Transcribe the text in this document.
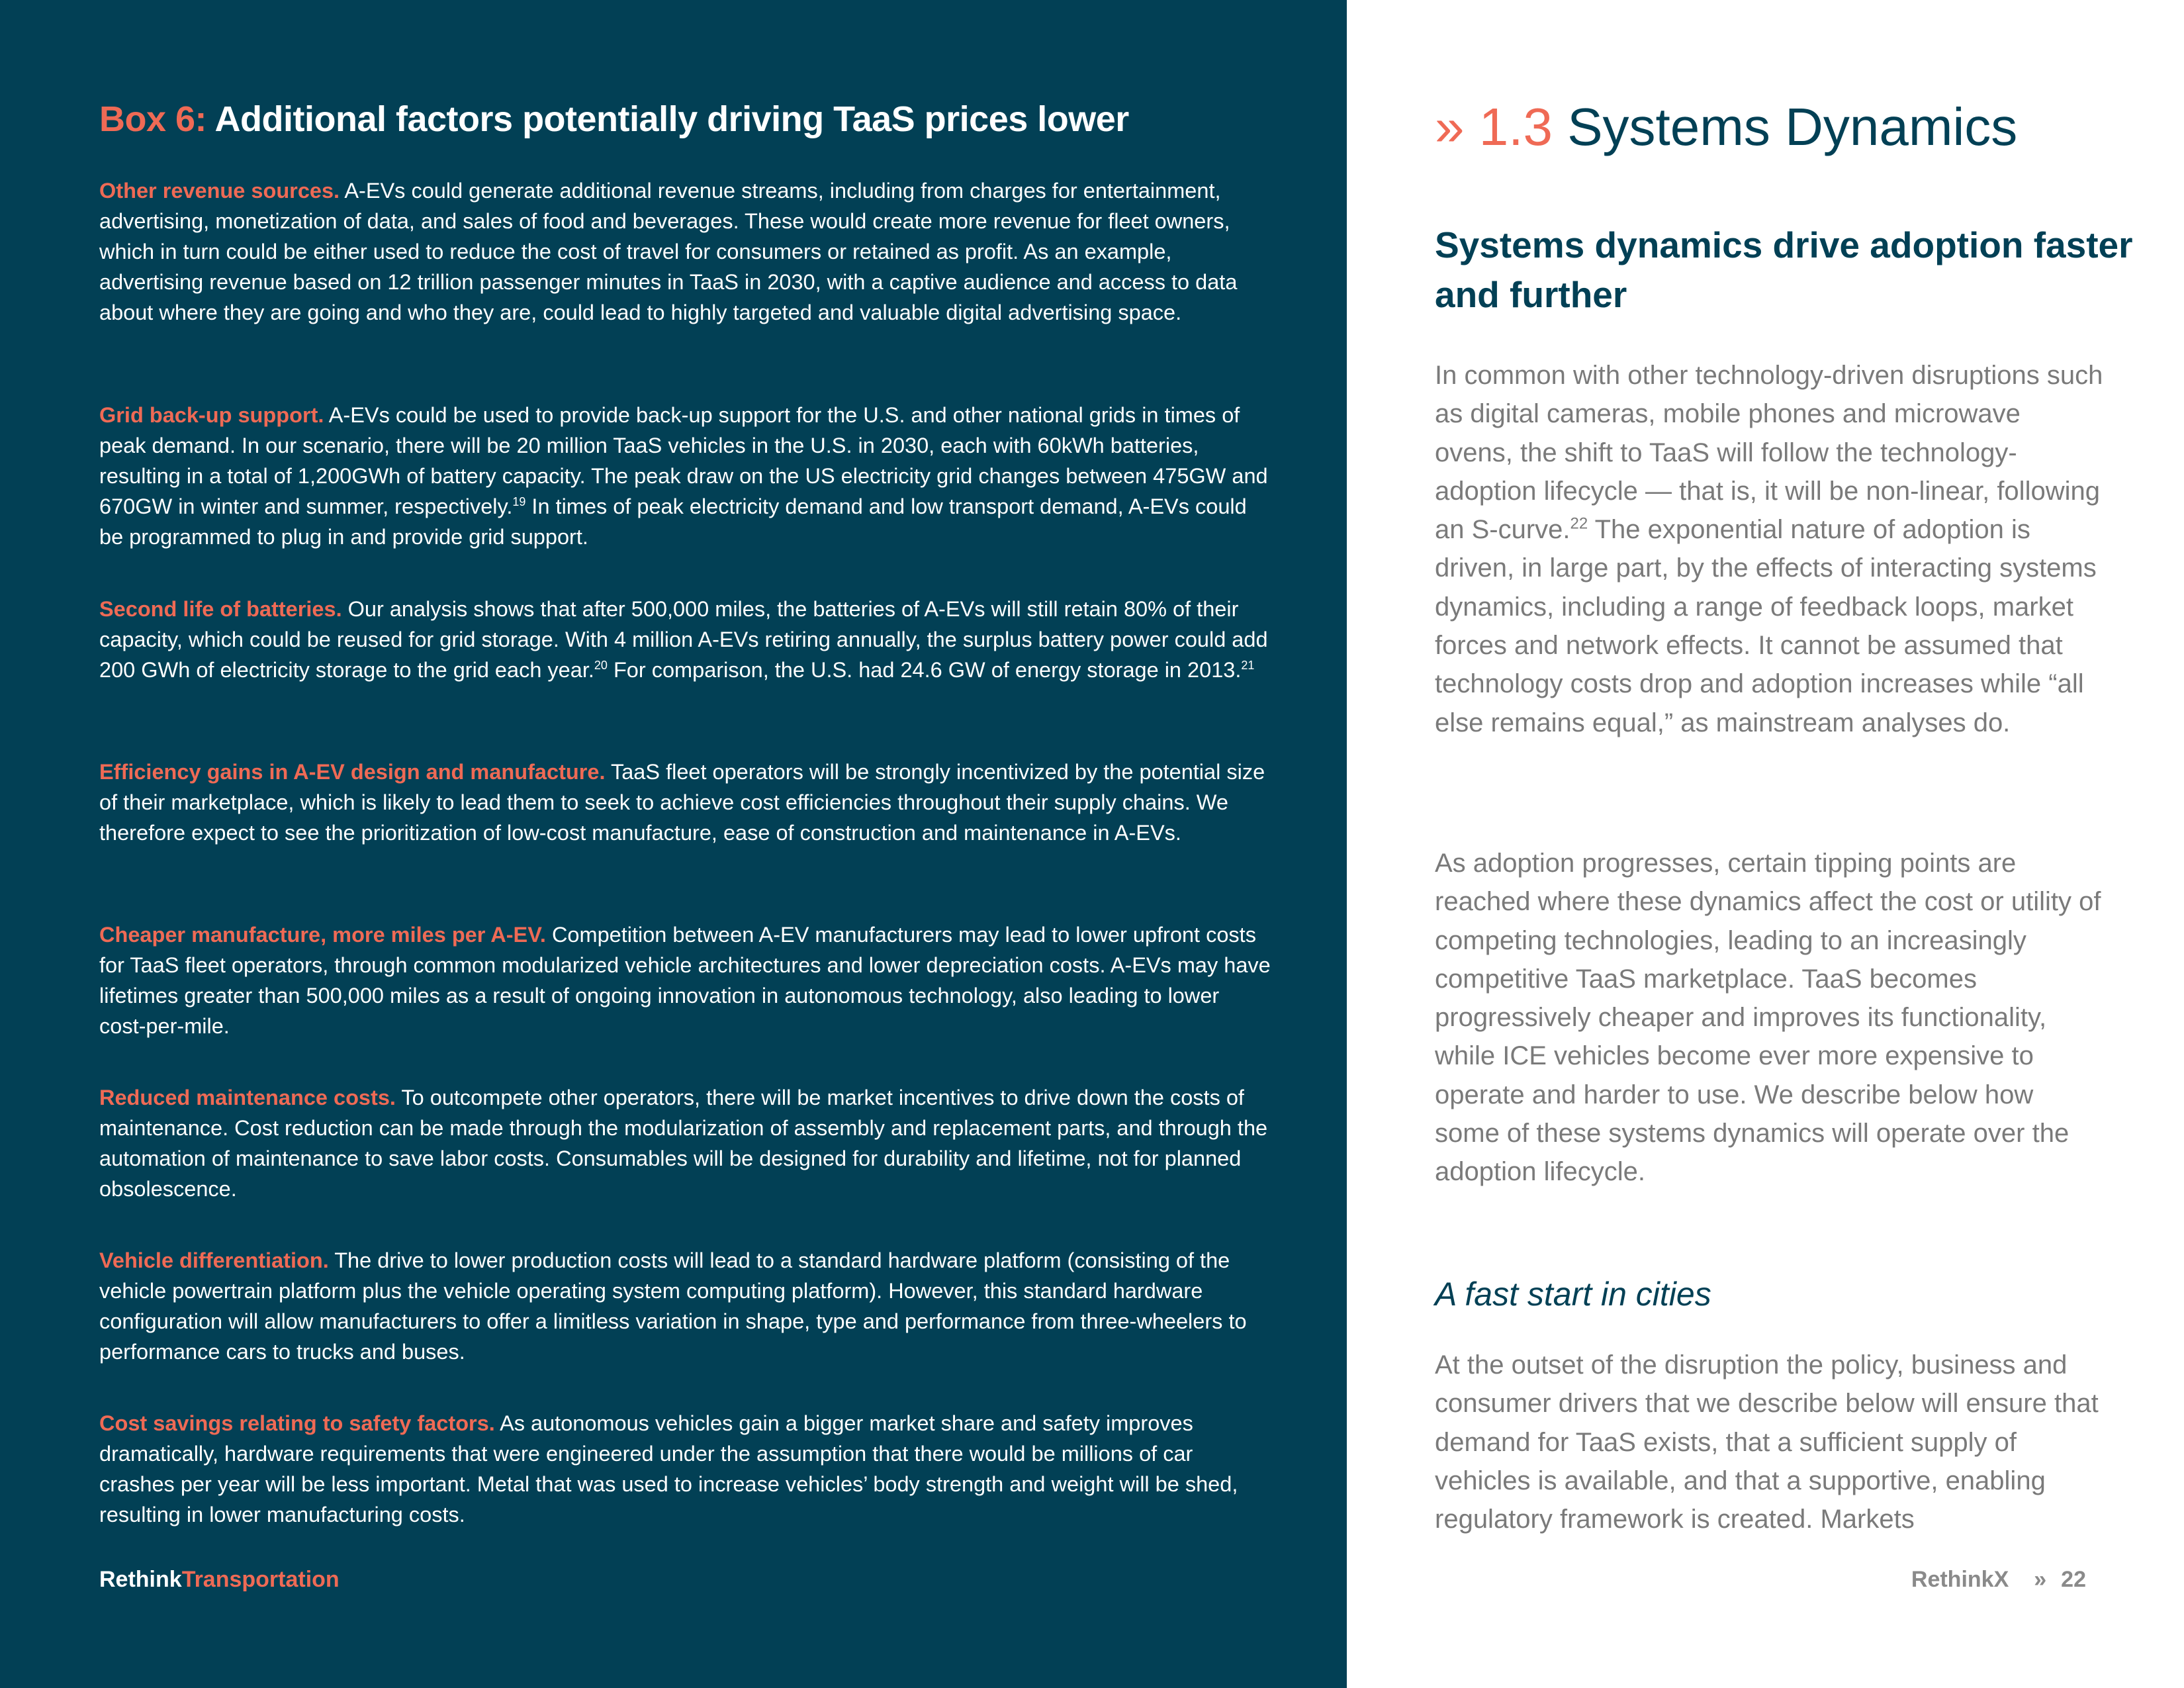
Box 6: Additional factors potentially driving TaaS prices lower

Other revenue sources. A-EVs could generate additional revenue streams, including from charges for entertainment, advertising, monetization of data, and sales of food and beverages. These would create more revenue for fleet owners, which in turn could be either used to reduce the cost of travel for consumers or retained as profit. As an example, advertising revenue based on 12 trillion passenger minutes in TaaS in 2030, with a captive audience and access to data about where they are going and who they are, could lead to highly targeted and valuable digital advertising space.

Grid back-up support. A-EVs could be used to provide back-up support for the U.S. and other national grids in times of peak demand. In our scenario, there will be 20 million TaaS vehicles in the U.S. in 2030, each with 60kWh batteries, resulting in a total of 1,200GWh of battery capacity. The peak draw on the US electricity grid changes between 475GW and 670GW in winter and summer, respectively.$^{19}$ In times of peak electricity demand and low transport demand, A-EVs could be programmed to plug in and provide grid support.

Second life of batteries. Our analysis shows that after 500,000 miles, the batteries of A-EVs will still retain 80% of their capacity, which could be reused for grid storage. With 4 million A-EVs retiring annually, the surplus battery power could add 200 GWh of electricity storage to the grid each year.$^{20}$ For comparison, the U.S. had 24.6 GW of energy storage in 2013.21

Efficiency gains in A-EV design and manufacture. TaaS fleet operators will be strongly incentivized by the potential size of their marketplace, which is likely to lead them to seek to achieve cost efficiencies throughout their supply chains. We therefore expect to see the prioritization of low-cost manufacture, ease of construction and maintenance in A-EVs.

Cheaper manufacture, more miles per A-EV. Competition between A-EV manufacturers may lead to lower upfront costs for TaaS fleet operators, through common modularized vehicle architectures and lower depreciation costs. A-EVs may have lifetimes greater than 500,000 miles as a result of ongoing innovation in autonomous technology, also leading to lower cost-per-mile.

Reduced maintenance costs. To outcompete other operators, there will be market incentives to drive down the costs of maintenance. Cost reduction can be made through the modularization of assembly and replacement parts, and through the automation of maintenance to save labor costs. Consumables will be designed for durability and lifetime, not for planned obsolescence.

Vehicle differentiation. The drive to lower production costs will lead to a standard hardware platform (consisting of the vehicle powertrain platform plus the vehicle operating system computing platform). However, this standard hardware configuration will allow manufacturers to offer a limitless variation in shape, type and performance from three-wheelers to performance cars to trucks and buses.

Cost savings relating to safety factors. As autonomous vehicles gain a bigger market share and safety improves dramatically, hardware requirements that were engineered under the assumption that there would be millions of car crashes per year will be less important. Metal that was used to increase vehicles’ body strength and weight will be shed, resulting in lower manufacturing costs.

RethinkTransportation
» 1.3 Systems Dynamics
Systems dynamics drive adoption faster and further

In common with other technology-driven disruptions such as digital cameras, mobile phones and microwave ovens, the shift to TaaS will follow the technology-adoption lifecycle — that is, it will be non-linear, following an S-curve.$^{22}$ The exponential nature of adoption is driven, in large part, by the effects of interacting systems dynamics, including a range of feedback loops, market forces and network effects. It cannot be assumed that technology costs drop and adoption increases while “all else remains equal,” as mainstream analyses do.

As adoption progresses, certain tipping points are reached where these dynamics affect the cost or utility of competing technologies, leading to an increasingly competitive TaaS marketplace. TaaS becomes progressively cheaper and improves its functionality, while ICE vehicles become ever more expensive to operate and harder to use. We describe below how some of these systems dynamics will operate over the adoption lifecycle.

A fast start in cities

At the outset of the disruption the policy, business and consumer drivers that we describe below will ensure that demand for TaaS exists, that a sufficient supply of vehicles is available, and that a supportive, enabling regulatory framework is created. Markets

RethinkX » 22
